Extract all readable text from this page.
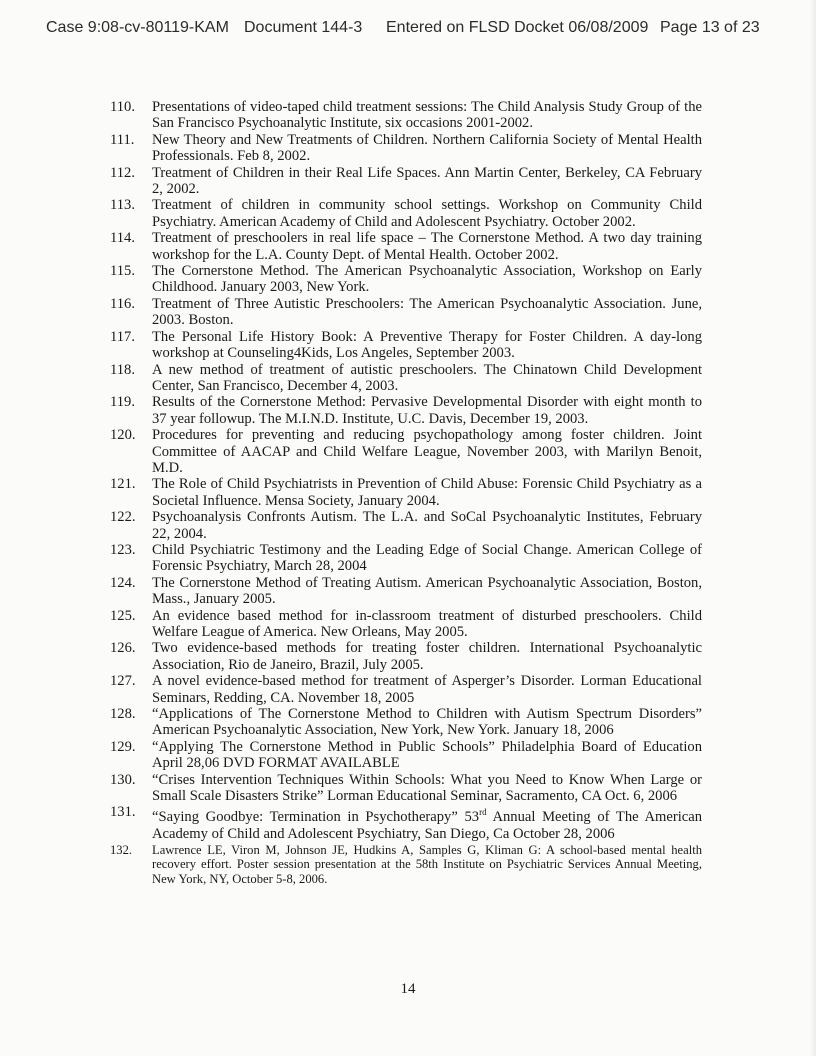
Case 9:08-cv-80119-KAM Document 144-3 Entered on FLSD Docket 06/08/2009 Page 13 of 23
110.	Presentations of video-taped child treatment sessions: The Child Analysis Study Group of the San Francisco Psychoanalytic Institute, six occasions 2001-2002.
111.	New Theory and New Treatments of Children. Northern California Society of Mental Health Professionals. Feb 8, 2002.
112.	Treatment of Children in their Real Life Spaces. Ann Martin Center, Berkeley, CA February 2, 2002.
113.	Treatment of children in community school settings. Workshop on Community Child Psychiatry. American Academy of Child and Adolescent Psychiatry. October 2002.
114.	Treatment of preschoolers in real life space – The Cornerstone Method. A two day training workshop for the L.A. County Dept. of Mental Health. October 2002.
115.	The Cornerstone Method. The American Psychoanalytic Association, Workshop on Early Childhood. January 2003, New York.
116.	Treatment of Three Autistic Preschoolers: The American Psychoanalytic Association. June, 2003. Boston.
117.	The Personal Life History Book: A Preventive Therapy for Foster Children. A day-long workshop at Counseling4Kids, Los Angeles, September 2003.
118.	A new method of treatment of autistic preschoolers. The Chinatown Child Development Center, San Francisco, December 4, 2003.
119.	Results of the Cornerstone Method: Pervasive Developmental Disorder with eight month to 37 year followup. The M.I.N.D. Institute, U.C. Davis, December 19, 2003.
120.	Procedures for preventing and reducing psychopathology among foster children. Joint Committee of AACAP and Child Welfare League, November 2003, with Marilyn Benoit, M.D.
121.	The Role of Child Psychiatrists in Prevention of Child Abuse: Forensic Child Psychiatry as a Societal Influence. Mensa Society, January 2004.
122.	Psychoanalysis Confronts Autism. The L.A. and SoCal Psychoanalytic Institutes, February 22, 2004.
123.	Child Psychiatric Testimony and the Leading Edge of Social Change. American College of Forensic Psychiatry, March 28, 2004
124.	The Cornerstone Method of Treating Autism. American Psychoanalytic Association, Boston, Mass., January 2005.
125.	An evidence based method for in-classroom treatment of disturbed preschoolers. Child Welfare League of America. New Orleans, May 2005.
126.	Two evidence-based methods for treating foster children. International Psychoanalytic Association, Rio de Janeiro, Brazil, July 2005.
127.	A novel evidence-based method for treatment of Asperger’s Disorder. Lorman Educational Seminars, Redding, CA. November 18, 2005
128.	“Applications of The Cornerstone Method to Children with Autism Spectrum Disorders” American Psychoanalytic Association, New York, New York. January 18, 2006
129.	“Applying The Cornerstone Method in Public Schools” Philadelphia Board of Education April 28,06 DVD FORMAT AVAILABLE
130.	“Crises Intervention Techniques Within Schools: What you Need to Know When Large or Small Scale Disasters Strike” Lorman Educational Seminar, Sacramento, CA Oct. 6, 2006
131.	“Saying Goodbye: Termination in Psychotherapy” 53rd Annual Meeting of The American Academy of Child and Adolescent Psychiatry, San Diego, Ca October 28, 2006
132.	Lawrence LE, Viron M, Johnson JE, Hudkins A, Samples G, Kliman G: A school-based mental health recovery effort. Poster session presentation at the 58th Institute on Psychiatric Services Annual Meeting, New York, NY, October 5-8, 2006.
14
